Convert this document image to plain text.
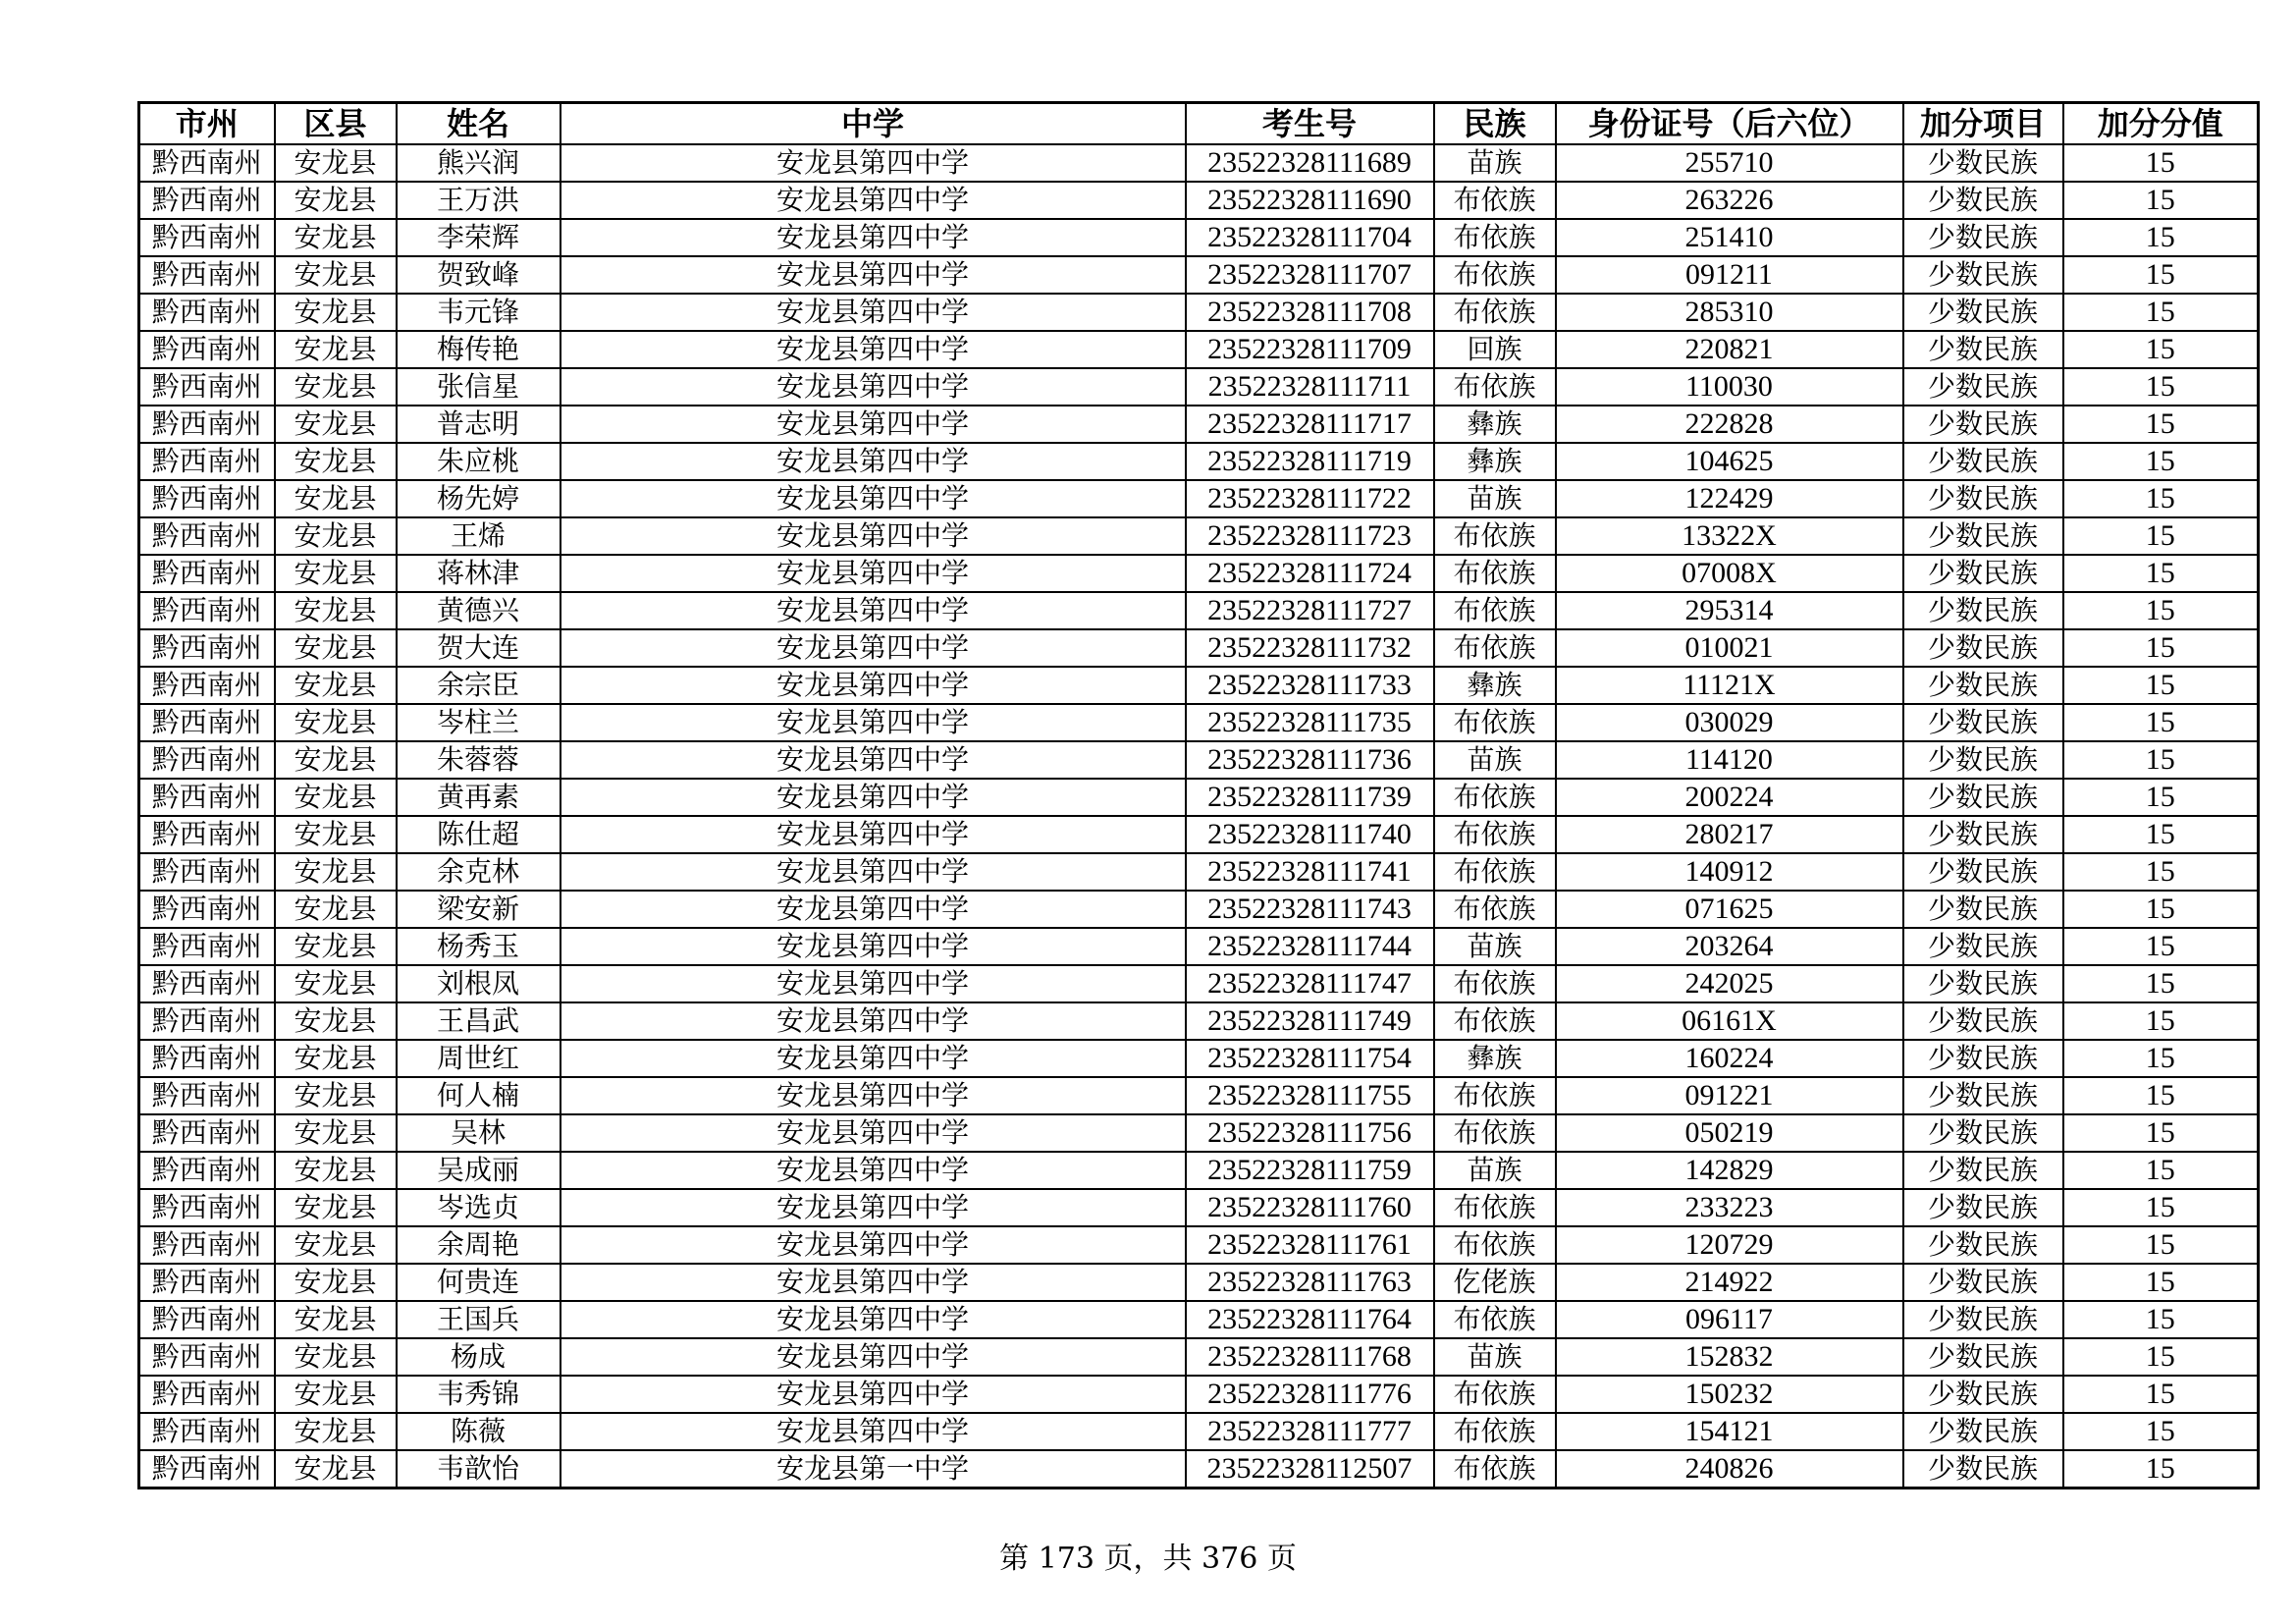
市州	区县	姓名	中学	考生号	民族	身份证号（后六位）	加分项目	加分分值
黔西南州	安龙县	熊兴润	安龙县第四中学	23522328111689	苗族	255710	少数民族	15
黔西南州	安龙县	王万洪	安龙县第四中学	23522328111690	布依族	263226	少数民族	15
黔西南州	安龙县	李荣辉	安龙县第四中学	23522328111704	布依族	251410	少数民族	15
黔西南州	安龙县	贺致峰	安龙县第四中学	23522328111707	布依族	091211	少数民族	15
黔西南州	安龙县	韦元锋	安龙县第四中学	23522328111708	布依族	285310	少数民族	15
黔西南州	安龙县	梅传艳	安龙县第四中学	23522328111709	回族	220821	少数民族	15
黔西南州	安龙县	张信星	安龙县第四中学	23522328111711	布依族	110030	少数民族	15
黔西南州	安龙县	普志明	安龙县第四中学	23522328111717	彝族	222828	少数民族	15
黔西南州	安龙县	朱应桃	安龙县第四中学	23522328111719	彝族	104625	少数民族	15
黔西南州	安龙县	杨先婷	安龙县第四中学	23522328111722	苗族	122429	少数民族	15
黔西南州	安龙县	王烯	安龙县第四中学	23522328111723	布依族	13322X	少数民族	15
黔西南州	安龙县	蒋林津	安龙县第四中学	23522328111724	布依族	07008X	少数民族	15
黔西南州	安龙县	黄德兴	安龙县第四中学	23522328111727	布依族	295314	少数民族	15
黔西南州	安龙县	贺大连	安龙县第四中学	23522328111732	布依族	010021	少数民族	15
黔西南州	安龙县	余宗臣	安龙县第四中学	23522328111733	彝族	11121X	少数民族	15
黔西南州	安龙县	岑柱兰	安龙县第四中学	23522328111735	布依族	030029	少数民族	15
黔西南州	安龙县	朱蓉蓉	安龙县第四中学	23522328111736	苗族	114120	少数民族	15
黔西南州	安龙县	黄再素	安龙县第四中学	23522328111739	布依族	200224	少数民族	15
黔西南州	安龙县	陈仕超	安龙县第四中学	23522328111740	布依族	280217	少数民族	15
黔西南州	安龙县	余克林	安龙县第四中学	23522328111741	布依族	140912	少数民族	15
黔西南州	安龙县	梁安新	安龙县第四中学	23522328111743	布依族	071625	少数民族	15
黔西南州	安龙县	杨秀玉	安龙县第四中学	23522328111744	苗族	203264	少数民族	15
黔西南州	安龙县	刘根凤	安龙县第四中学	23522328111747	布依族	242025	少数民族	15
黔西南州	安龙县	王昌武	安龙县第四中学	23522328111749	布依族	06161X	少数民族	15
黔西南州	安龙县	周世红	安龙县第四中学	23522328111754	彝族	160224	少数民族	15
黔西南州	安龙县	何人楠	安龙县第四中学	23522328111755	布依族	091221	少数民族	15
黔西南州	安龙县	吴林	安龙县第四中学	23522328111756	布依族	050219	少数民族	15
黔西南州	安龙县	吴成丽	安龙县第四中学	23522328111759	苗族	142829	少数民族	15
黔西南州	安龙县	岑选贞	安龙县第四中学	23522328111760	布依族	233223	少数民族	15
黔西南州	安龙县	余周艳	安龙县第四中学	23522328111761	布依族	120729	少数民族	15
黔西南州	安龙县	何贵连	安龙县第四中学	23522328111763	仡佬族	214922	少数民族	15
黔西南州	安龙县	王国兵	安龙县第四中学	23522328111764	布依族	096117	少数民族	15
黔西南州	安龙县	杨成	安龙县第四中学	23522328111768	苗族	152832	少数民族	15
黔西南州	安龙县	韦秀锦	安龙县第四中学	23522328111776	布依族	150232	少数民族	15
黔西南州	安龙县	陈薇	安龙县第四中学	23522328111777	布依族	154121	少数民族	15
黔西南州	安龙县	韦歆怡	安龙县第一中学	23522328112507	布依族	240826	少数民族	15
第 173 页，共 376 页
